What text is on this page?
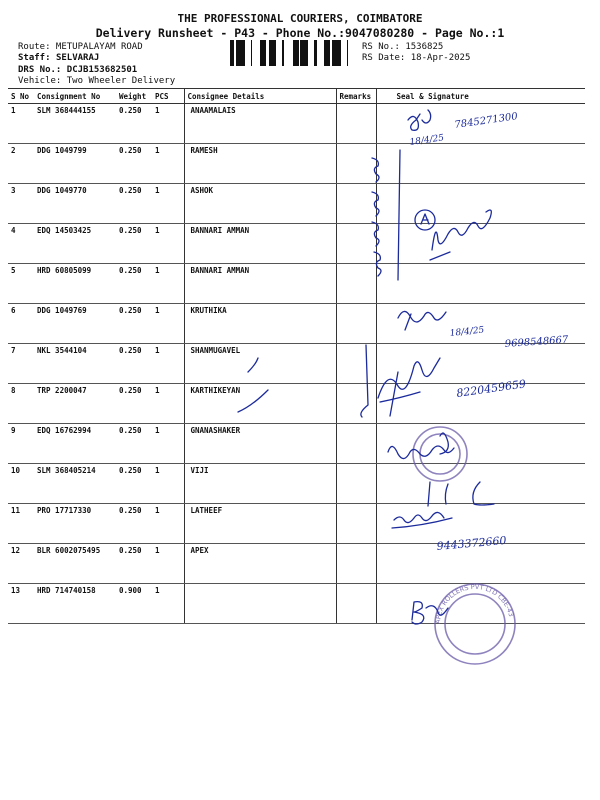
THE PROFESSIONAL COURIERS, COIMBATORE
Delivery Runsheet - P43 - Phone No.:9047080280 - Page No.:1
Route: METUPALAYAM ROAD
Staff: SELVARAJ
DRS No.: DCJB153682501
Vehicle: Two Wheeler Delivery
RS No.: 1536825
RS Date: 18-Apr-2025
S No	Consignment No	Weight	PCS	Consignee Details	Remarks	Seal & Signature
1	SLM 368444155	0.250	1	ANAAMALAIS		
2	DDG 1049799	0.250	1	RAMESH		
3	DDG 1049770	0.250	1	ASHOK		
4	EDQ 14503425	0.250	1	BANNARI AMMAN		
5	HRD 60805099	0.250	1	BANNARI AMMAN		
6	DDG 1049769	0.250	1	KRUTHIKA		
7	NKL 3544104	0.250	1	SHANMUGAVEL		
8	TRP 2200047	0.250	1	KARTHIKEYAN		
9	EDQ 16762994	0.250	1	GNANASHAKER		
10	SLM 368405214	0.250	1	VIJI		
11	PRO 17717330	0.250	1	LATHEEF		
12	BLR 6002075495	0.250	1	APEX		
13	HRD 714740158	0.900	1			
18/4/25
7845271300
18/4/25
9698548667
8220459659
9443372660
APEX ROLLERS PVT LTD CBE-43
